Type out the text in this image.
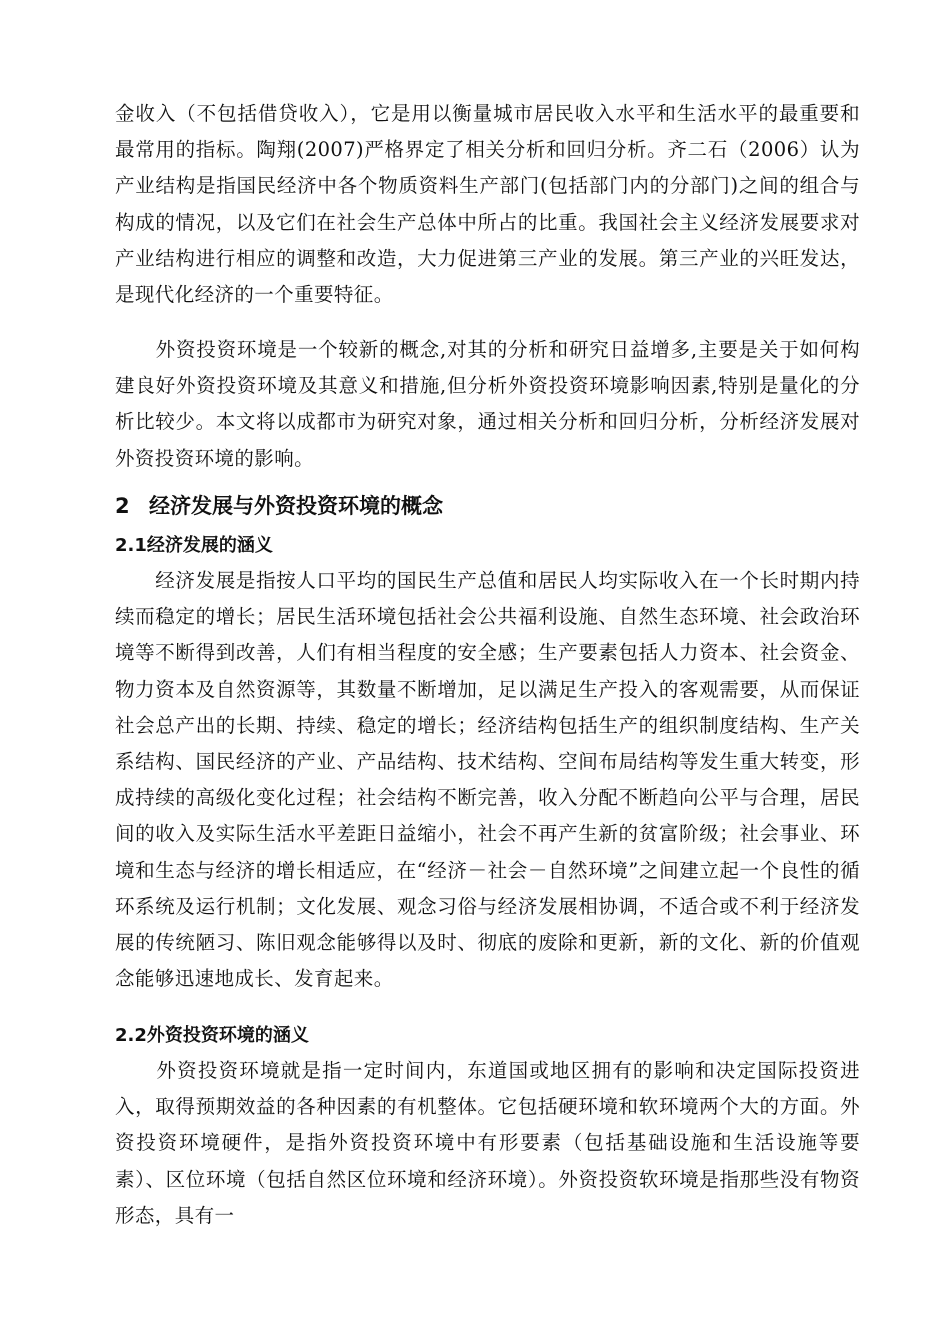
金收入（不包括借贷收入），它是用以衡量城市居民收入水平和生活水平的最重要和最常用的指标。陶翔(2007)严格界定了相关分析和回归分析。齐二石（2006）认为产业结构是指国民经济中各个物质资料生产部门(包括部门内的分部门)之间的组合与构成的情况，以及它们在社会生产总体中所占的比重。我国社会主义经济发展要求对产业结构进行相应的调整和改造，大力促进第三产业的发展。第三产业的兴旺发达，是现代化经济的一个重要特征。

　　外资投资环境是一个较新的概念,对其的分析和研究日益增多,主要是关于如何构建良好外资投资环境及其意义和措施,但分析外资投资环境影响因素,特别是量化的分析比较少。本文将以成都市为研究对象，通过相关分析和回归分析，分析经济发展对外资投资环境的影响。

2 经济发展与外资投资环境的概念
2.1经济发展的涵义

　　经济发展是指按人口平均的国民生产总值和居民人均实际收入在一个长时期内持续而稳定的增长；居民生活环境包括社会公共福利设施、自然生态环境、社会政治环境等不断得到改善，人们有相当程度的安全感；生产要素包括人力资本、社会资金、物力资本及自然资源等，其数量不断增加，足以满足生产投入的客观需要，从而保证社会总产出的长期、持续、稳定的增长；经济结构包括生产的组织制度结构、生产关系结构、国民经济的产业、产品结构、技术结构、空间布局结构等发生重大转变，形成持续的高级化变化过程；社会结构不断完善，收入分配不断趋向公平与合理，居民间的收入及实际生活水平差距日益缩小，社会不再产生新的贫富阶级；社会事业、环境和生态与经济的增长相适应，在“经济－社会－自然环境”之间建立起一个良性的循环系统及运行机制；文化发展、观念习俗与经济发展相协调，不适合或不利于经济发展的传统陋习、陈旧观念能够得以及时、彻底的废除和更新，新的文化、新的价值观念能够迅速地成长、发育起来。

2.2外资投资环境的涵义

　　外资投资环境就是指一定时间内，东道国或地区拥有的影响和决定国际投资进入，取得预期效益的各种因素的有机整体。它包括硬环境和软环境两个大的方面。外资投资环境硬件，是指外资投资环境中有形要素（包括基础设施和生活设施等要素）、区位环境（包括自然区位环境和经济环境）。外资投资软环境是指那些没有物资形态，具有一
